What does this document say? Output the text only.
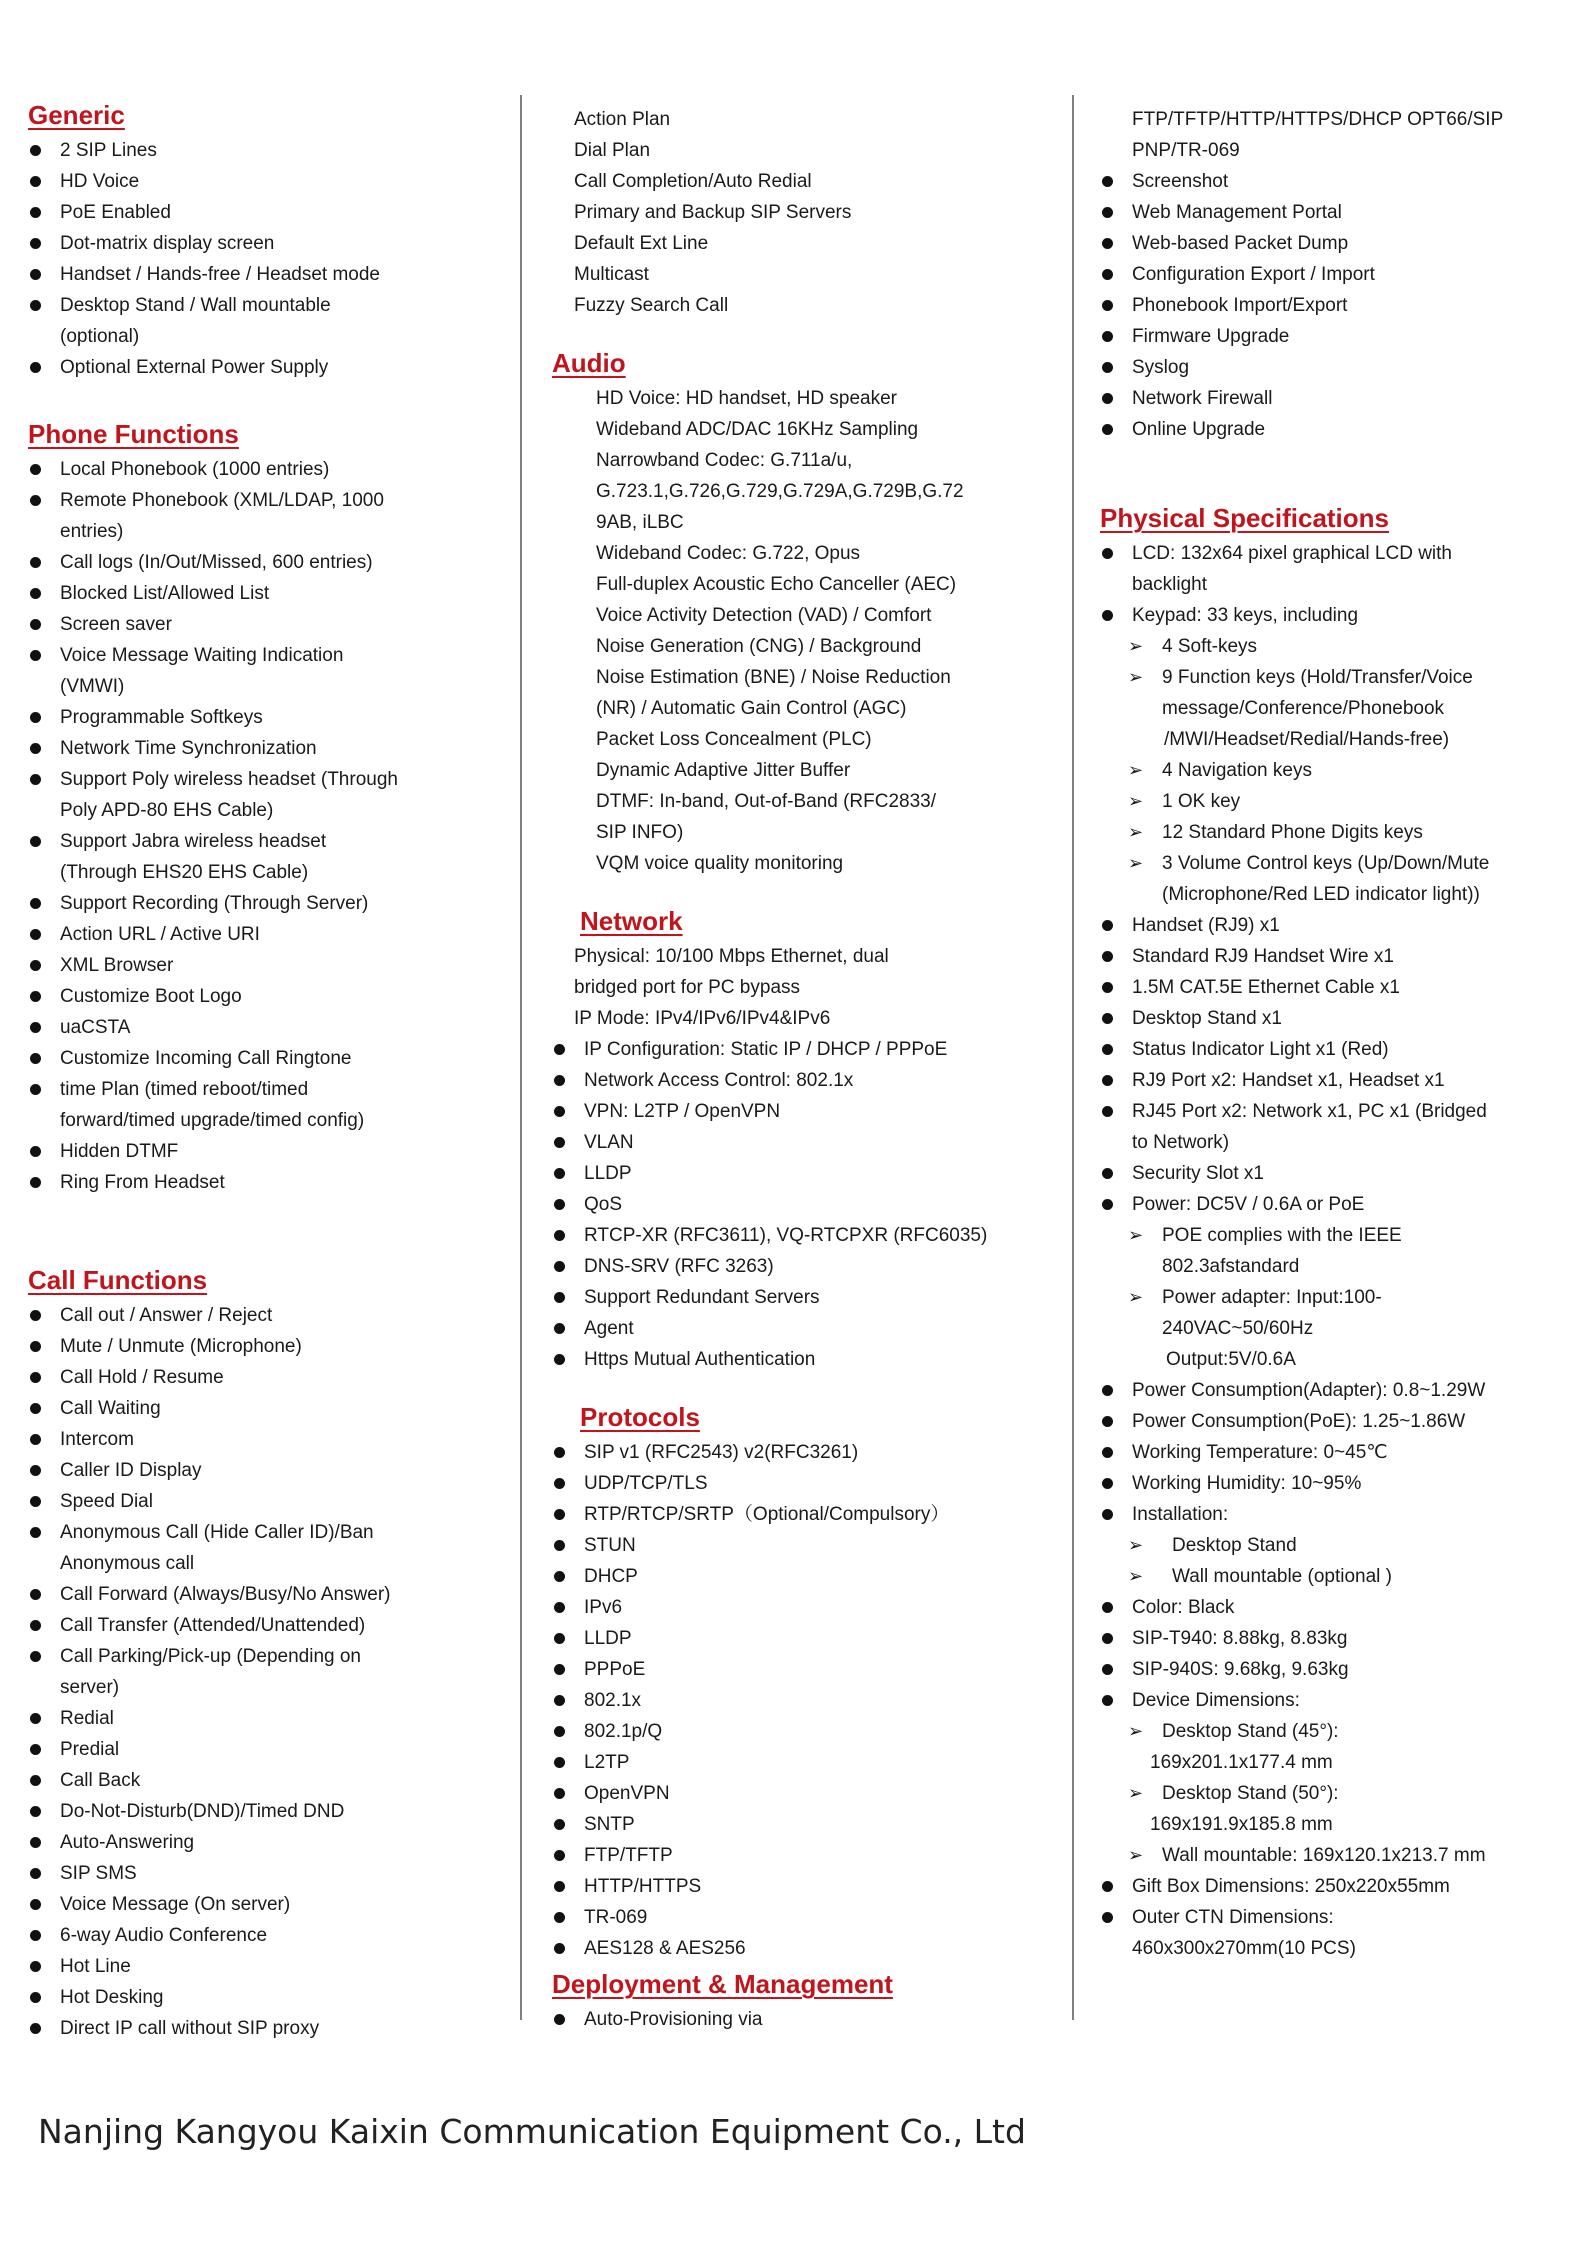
Generic
2 SIP Lines
HD Voice
PoE Enabled
Dot-matrix display screen
Handset / Hands-free / Headset mode
Desktop Stand / Wall mountable
(optional)
Optional External Power Supply
Phone Functions
Local Phonebook (1000 entries)
Remote Phonebook (XML/LDAP, 1000
entries)
Call logs (In/Out/Missed, 600 entries)
Blocked List/Allowed List
Screen saver
Voice Message Waiting Indication
(VMWI)
Programmable Softkeys
Network Time Synchronization
Support Poly wireless headset (Through
Poly APD-80 EHS Cable)
Support Jabra wireless headset
(Through EHS20 EHS Cable)
Support Recording (Through Server)
Action URL / Active URI
XML Browser
Customize Boot Logo
uaCSTA
Customize Incoming Call Ringtone
time Plan (timed reboot/timed
forward/timed upgrade/timed config)
Hidden DTMF
Ring From Headset
Call Functions
Call out / Answer / Reject
Mute / Unmute (Microphone)
Call Hold / Resume
Call Waiting
Intercom
Caller ID Display
Speed Dial
Anonymous Call (Hide Caller ID)/Ban
Anonymous call
Call Forward (Always/Busy/No Answer)
Call Transfer (Attended/Unattended)
Call Parking/Pick-up (Depending on
server)
Redial
Predial
Call Back
Do-Not-Disturb(DND)/Timed DND
Auto-Answering
SIP SMS
Voice Message (On server)
6-way Audio Conference
Hot Line
Hot Desking
Direct IP call without SIP proxy
Action Plan
Dial Plan
Call Completion/Auto Redial
Primary and Backup SIP Servers
Default Ext Line
Multicast
Fuzzy Search Call
Audio
HD Voice: HD handset, HD speaker
Wideband ADC/DAC 16KHz Sampling
Narrowband Codec: G.711a/u,
G.723.1,G.726,G.729,G.729A,G.729B,G.72
9AB, iLBC
Wideband Codec: G.722, Opus
Full-duplex Acoustic Echo Canceller (AEC)
Voice Activity Detection (VAD) / Comfort
Noise Generation (CNG) / Background
Noise Estimation (BNE) / Noise Reduction
(NR) / Automatic Gain Control (AGC)
Packet Loss Concealment (PLC)
Dynamic Adaptive Jitter Buffer
DTMF: In-band, Out-of-Band (RFC2833/
SIP INFO)
VQM voice quality monitoring
Network
Physical: 10/100 Mbps Ethernet, dual
bridged port for PC bypass
IP Mode: IPv4/IPv6/IPv4&IPv6
IP Configuration: Static IP / DHCP / PPPoE
Network Access Control: 802.1x
VPN: L2TP / OpenVPN
VLAN
LLDP
QoS
RTCP-XR (RFC3611), VQ-RTCPXR (RFC6035)
DNS-SRV (RFC 3263)
Support Redundant Servers
Agent
Https Mutual Authentication
Protocols
SIP v1 (RFC2543) v2(RFC3261)
UDP/TCP/TLS
RTP/RTCP/SRTP（Optional/Compulsory）
STUN
DHCP
IPv6
LLDP
PPPoE
802.1x
802.1p/Q
L2TP
OpenVPN
SNTP
FTP/TFTP
HTTP/HTTPS
TR-069
AES128 & AES256
Deployment & Management
Auto-Provisioning via
FTP/TFTP/HTTP/HTTPS/DHCP OPT66/SIP
PNP/TR-069
Screenshot
Web Management Portal
Web-based Packet Dump
Configuration Export / Import
Phonebook Import/Export
Firmware Upgrade
Syslog
Network Firewall
Online Upgrade
Physical Specifications
LCD: 132x64 pixel graphical LCD with
backlight
Keypad: 33 keys, including
➢ 4 Soft-keys
➢ 9 Function keys (Hold/Transfer/Voice
message/Conference/Phonebook
/MWI/Headset/Redial/Hands-free)
➢ 4 Navigation keys
➢ 1 OK key
➢ 12 Standard Phone Digits keys
➢ 3 Volume Control keys (Up/Down/Mute
(Microphone/Red LED indicator light))
Handset (RJ9) x1
Standard RJ9 Handset Wire x1
1.5M CAT.5E Ethernet Cable x1
Desktop Stand x1
Status Indicator Light x1 (Red)
RJ9 Port x2: Handset x1, Headset x1
RJ45 Port x2: Network x1, PC x1 (Bridged
to Network)
Security Slot x1
Power: DC5V / 0.6A or PoE
➢ POE complies with the IEEE
802.3afstandard
➢ Power adapter: Input:100-
240VAC~50/60Hz
Output:5V/0.6A
Power Consumption(Adapter): 0.8~1.29W
Power Consumption(PoE): 1.25~1.86W
Working Temperature: 0~45℃
Working Humidity: 10~95%
Installation:
➢ Desktop Stand
➢ Wall mountable (optional )
Color: Black
SIP-T940: 8.88kg, 8.83kg
SIP-940S: 9.68kg, 9.63kg
Device Dimensions:
➢ Desktop Stand (45°):
169x201.1x177.4 mm
➢ Desktop Stand (50°):
169x191.9x185.8 mm
➢ Wall mountable: 169x120.1x213.7 mm
Gift Box Dimensions: 250x220x55mm
Outer CTN Dimensions:
460x300x270mm(10 PCS)
Nanjing Kangyou Kaixin Communication Equipment Co., Ltd
